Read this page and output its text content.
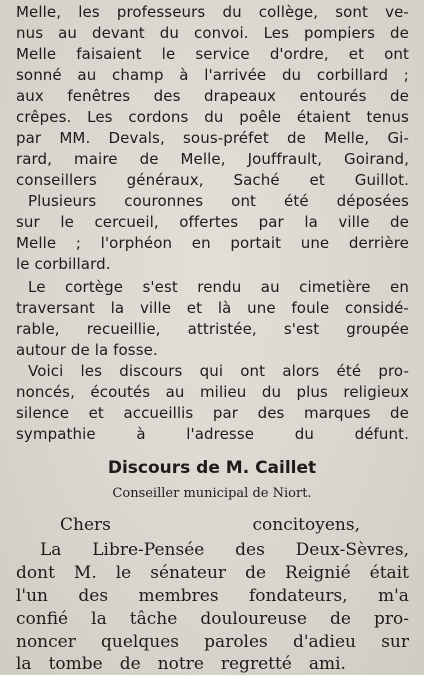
Melle, les professeurs du collège, sont ve-
nus au devant du convoi. Les pompiers de
Melle faisaient le service d'ordre, et ont
sonné au champ à l'arrivée du corbillard ;
aux fenêtres des drapeaux entourés de
crêpes. Les cordons du poêle étaient tenus
par MM. Devals, sous-préfet de Melle, Gi-
rard, maire de Melle, Jouffrault, Goirand,
conseillers généraux, Saché et Guillot.
Plusieurs couronnes ont été déposées
sur le cercueil, offertes par la ville de
Melle ; l'orphéon en portait une derrière
le corbillard.
Le cortège s'est rendu au cimetière en
traversant la ville et là une foule considé-
rable, recueillie, attristée, s'est groupée
autour de la fosse.
Voici les discours qui ont alors été pro-
noncés, écoutés au milieu du plus religieux
silence et accueillis par des marques de
sympathie	à	l'adresse	du	défunt.
Discours de M. Caillet
Conseiller municipal de Niort.
Chers	concitoyens,
La Libre-Pensée des Deux-Sèvres,
dont M. le sénateur de Reignié était
l'un des membres fondateurs, m'a
confié la tâche douloureuse de pro-
noncer quelques paroles d'adieu sur
la tombe de notre regretté ami.
